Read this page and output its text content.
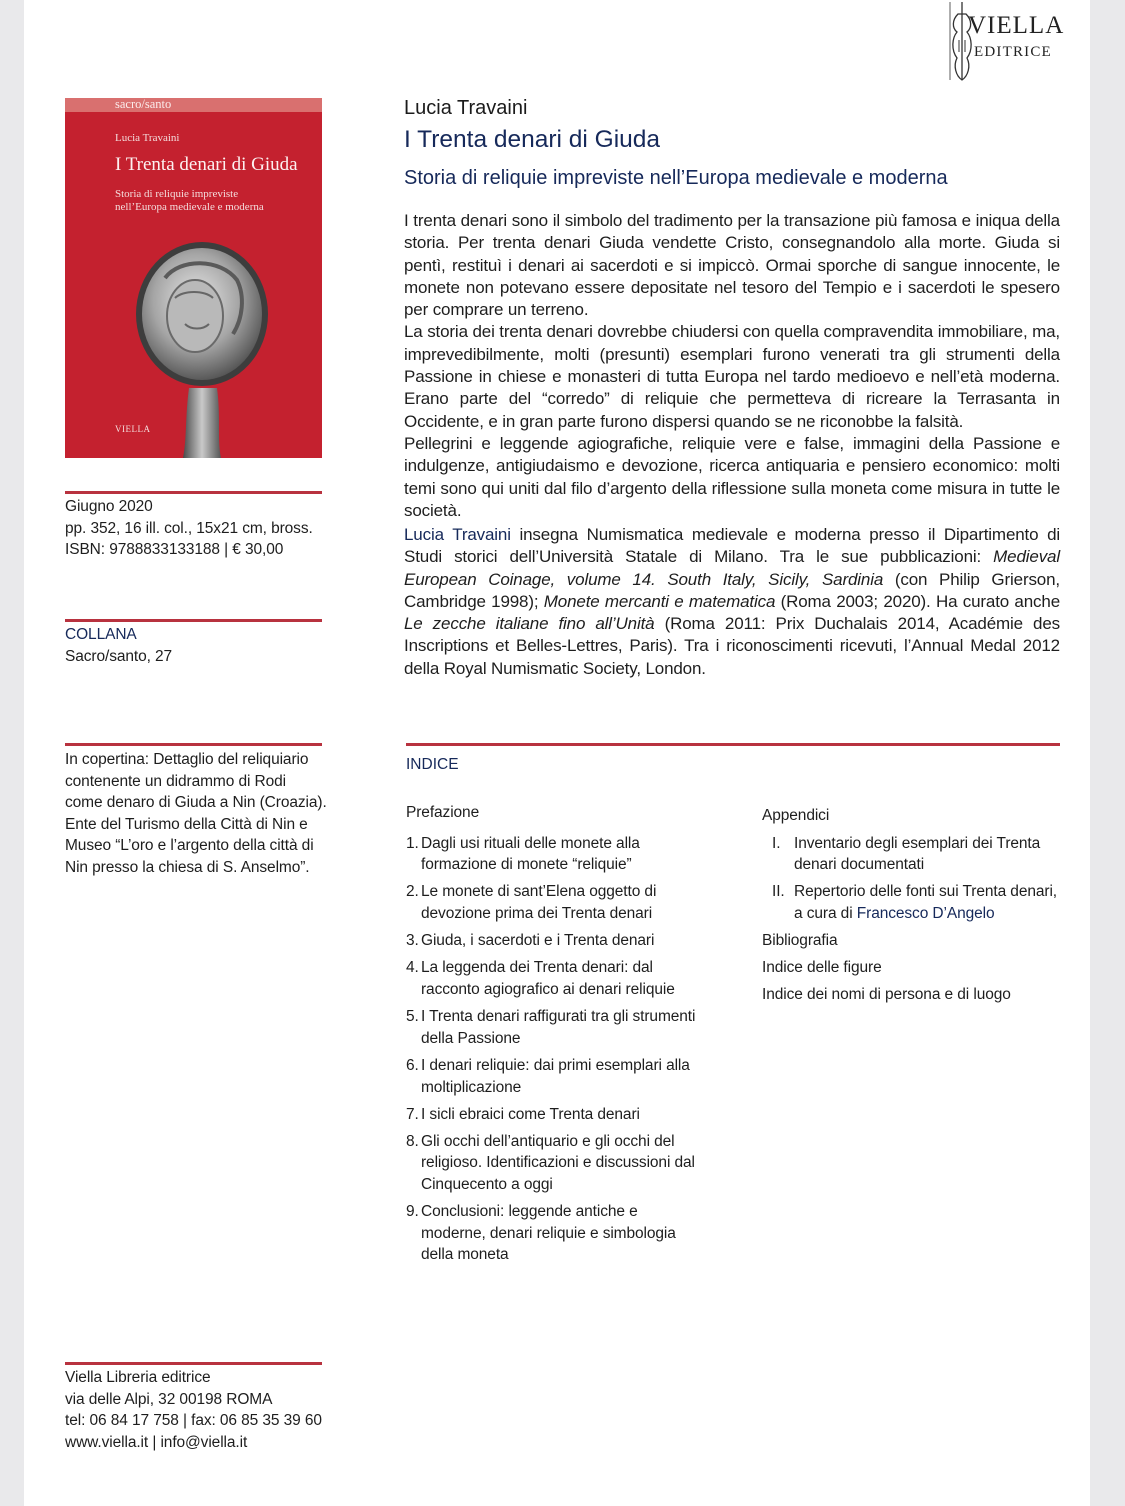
VIELLA
EDITRICE
sacro/santo
Lucia Travaini
I Trenta denari di Giuda
Storia di reliquie impreviste
nell’Europa medievale e moderna
VIELLA
Lucia Travaini
I Trenta denari di Giuda
Storia di reliquie impreviste nell’Europa medievale e moderna
I trenta denari sono il simbolo del tradimento per la transazione più famosa e iniqua della storia. Per trenta denari Giuda vendette Cristo, consegnandolo alla morte. Giuda si pentì, restituì i denari ai sacerdoti e si impiccò. Ormai sporche di sangue innocente, le monete non potevano essere depositate nel tesoro del Tempio e i sacerdoti le spesero per comprare un terreno.
La storia dei trenta denari dovrebbe chiudersi con quella compravendita immobiliare, ma, imprevedibilmente, molti (presunti) esemplari furono venerati tra gli strumenti della Passione in chiese e monasteri di tutta Europa nel tardo medioevo e nell’età moderna. Erano parte del “corredo” di reliquie che permetteva di ricreare la Terrasanta in Occidente, e in gran parte furono dispersi quando se ne riconobbe la falsità.
Pellegrini e leggende agiografiche, reliquie vere e false, immagini della Passione e indulgenze, antigiudaismo e devozione, ricerca antiquaria e pensiero economico: molti temi sono qui uniti dal filo d’argento della riflessione sulla moneta come misura in tutte le società.
Lucia Travaini insegna Numismatica medievale e moderna presso il Dipartimento di Studi storici dell’Università Statale di Milano. Tra le sue pubblicazioni: Medieval European Coinage, volume 14. South Italy, Sicily, Sardinia (con Philip Grierson, Cambridge 1998); Monete mercanti e matematica (Roma 2003; 2020). Ha curato anche Le zecche italiane fino all’Unità (Roma 2011: Prix Duchalais 2014, Académie des Inscriptions et Belles-Lettres, Paris). Tra i riconoscimenti ricevuti, l’Annual Medal 2012 della Royal Numismatic Society, London.
Giugno 2020
pp. 352, 16 ill. col., 15x21 cm, bross.
ISBN: 9788833133188 | € 30,00
COLLANA
Sacro/santo, 27
In copertina: Dettaglio del reliquiario contenente un didrammo di Rodi come denaro di Giuda a Nin (Croazia). Ente del Turismo della Città di Nin e Museo “L’oro e l’argento della città di Nin presso la chiesa di S. Anselmo”.
INDICE
Prefazione
1. Dagli usi rituali delle monete alla formazione di monete “reliquie”
2. Le monete di sant’Elena oggetto di devozione prima dei Trenta denari
3. Giuda, i sacerdoti e i Trenta denari
4. La leggenda dei Trenta denari: dal racconto agiografico ai denari reliquie
5. I Trenta denari raffigurati tra gli strumenti della Passione
6. I denari reliquie: dai primi esemplari alla moltiplicazione
7. I sicli ebraici come Trenta denari
8. Gli occhi dell’antiquario e gli occhi del religioso. Identificazioni e discussioni dal Cinquecento a oggi
9. Conclusioni: leggende antiche e moderne, denari reliquie e simbologia della moneta
Appendici
I. Inventario degli esemplari dei Trenta denari documentati
II. Repertorio delle fonti sui Trenta denari, a cura di Francesco D’Angelo
Bibliografia
Indice delle figure
Indice dei nomi di persona e di luogo
Viella Libreria editrice
via delle Alpi, 32 00198 ROMA
tel: 06 84 17 758 | fax: 06 85 35 39 60
www.viella.it | info@viella.it
